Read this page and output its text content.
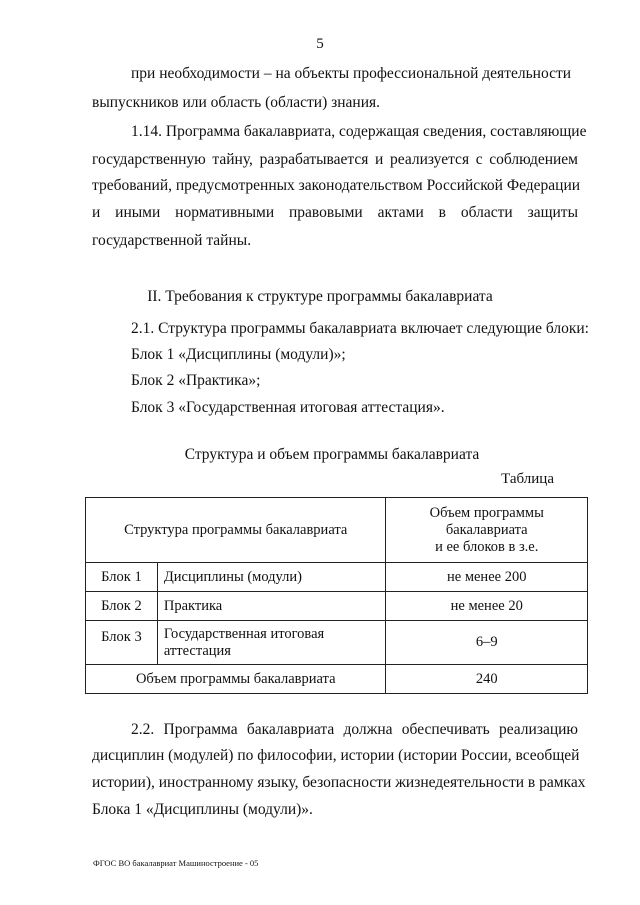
5
при необходимости – на объекты профессиональной деятельности
выпускников или область (области) знания.
1.14. Программа бакалавриата, содержащая сведения, составляющие
государственную тайну, разрабатывается и реализуется с соблюдением
требований, предусмотренных законодательством Российской Федерации
и иными нормативными правовыми актами в области защиты
государственной тайны.
II. Требования к структуре программы бакалавриата
2.1. Структура программы бакалавриата включает следующие блоки:
Блок 1 «Дисциплины (модули)»;
Блок 2 «Практика»;
Блок 3 «Государственная итоговая аттестация».
Структура и объем программы бакалавриата
Таблица
Структура программы бакалавриата		Объем программы
бакалавриата
и ее блоков в з.е.

Блок 1	Дисциплины (модули)	не менее 200
Блок 2	Практика	не менее 20
Блок 3	Государственная итоговая аттестация	6–9
Объем программы бакалавриата		240
2.2. Программа бакалавриата должна обеспечивать реализацию
дисциплин (модулей) по философии, истории (истории России, всеобщей
истории), иностранному языку, безопасности жизнедеятельности в рамках
Блока 1 «Дисциплины (модули)».
ФГОС ВО бакалавриат Машиностроение - 05
